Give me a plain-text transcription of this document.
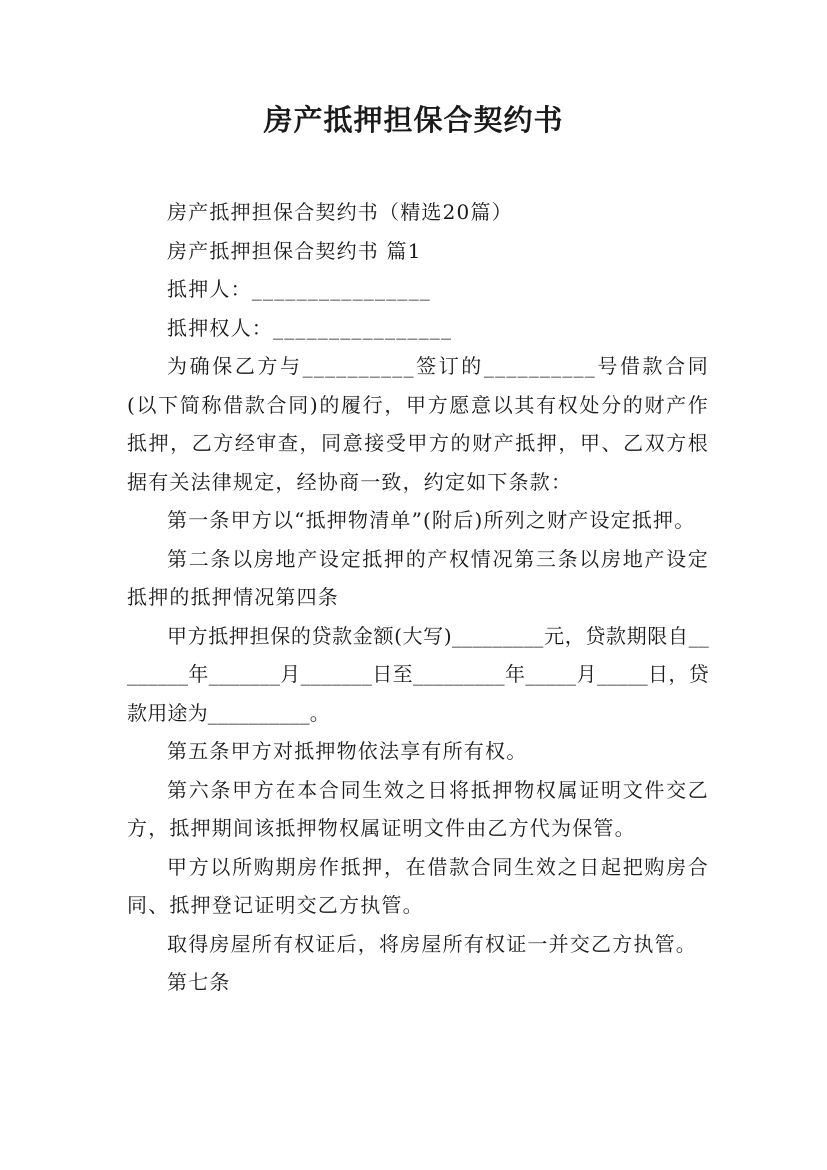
房产抵押担保合契约书

房产抵押担保合契约书（精选20篇）

房产抵押担保合契约书 篇1

抵押人：________________

抵押权人：________________

为确保乙方与__________签订的__________号借款合同(以下简称借款合同)的履行，甲方愿意以其有权处分的财产作抵押，乙方经审查，同意接受甲方的财产抵押，甲、乙双方根据有关法律规定，经协商一致，约定如下条款：

第一条甲方以“抵押物清单”(附后)所列之财产设定抵押。

第二条以房地产设定抵押的产权情况第三条以房地产设定抵押的抵押情况第四条

甲方抵押担保的贷款金额(大写)_________元，贷款期限自________年_______月_______日至_________年_____月_____日，贷款用途为__________。

第五条甲方对抵押物依法享有所有权。

第六条甲方在本合同生效之日将抵押物权属证明文件交乙方，抵押期间该抵押物权属证明文件由乙方代为保管。

甲方以所购期房作抵押，在借款合同生效之日起把购房合同、抵押登记证明交乙方执管。

取得房屋所有权证后，将房屋所有权证一并交乙方执管。

第七条
